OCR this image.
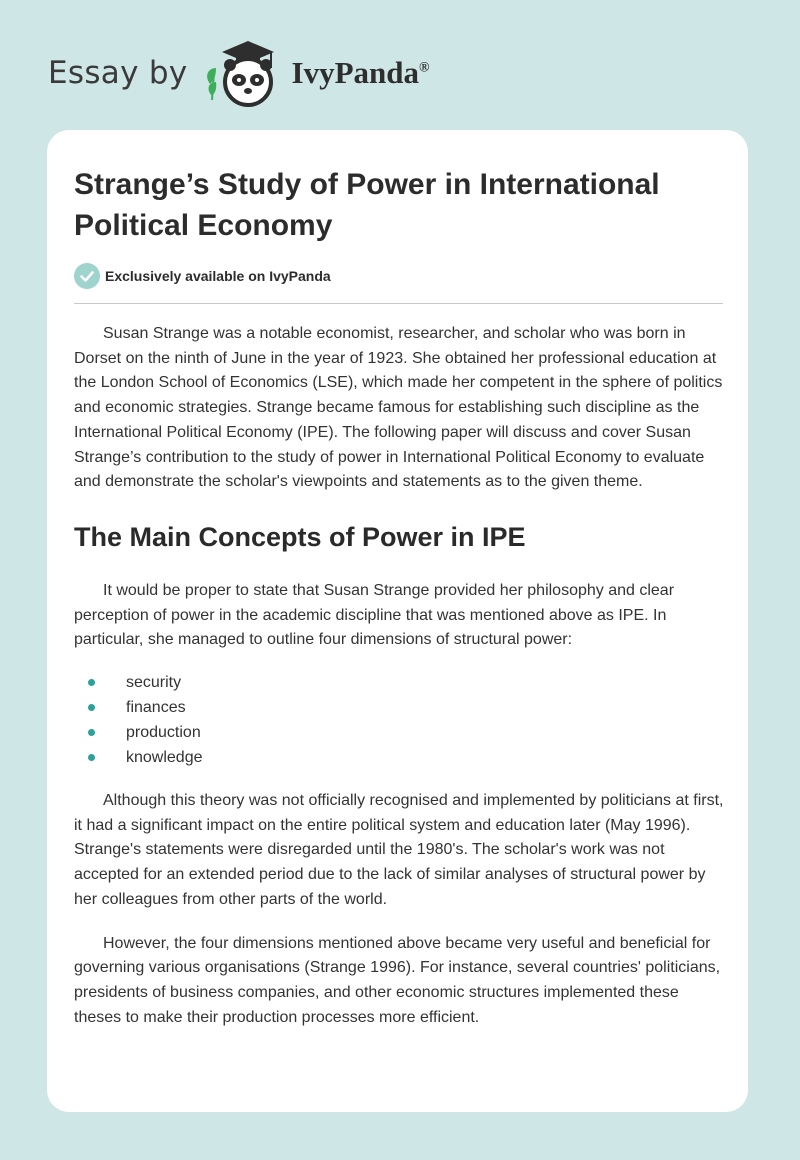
Essay by	IvyPanda®
Strange’s Study of Power in International Political Economy
Exclusively available on IvyPanda

Susan Strange was a notable economist, researcher, and scholar who was born in Dorset on the ninth of June in the year of 1923. She obtained her professional education at the London School of Economics (LSE), which made her competent in the sphere of politics and economic strategies. Strange became famous for establishing such discipline as the International Political Economy (IPE). The following paper will discuss and cover Susan Strange’s contribution to the study of power in International Political Economy to evaluate and demonstrate the scholar's viewpoints and statements as to the given theme.

The Main Concepts of Power in IPE

It would be proper to state that Susan Strange provided her philosophy and clear perception of power in the academic discipline that was mentioned above as IPE. In particular, she managed to outline four dimensions of structural power:

security
finances
production
knowledge

Although this theory was not officially recognised and implemented by politicians at first, it had a significant impact on the entire political system and education later (May 1996). Strange's statements were disregarded until the 1980's. The scholar's work was not accepted for an extended period due to the lack of similar analyses of structural power by her colleagues from other parts of the world.

However, the four dimensions mentioned above became very useful and beneficial for governing various organisations (Strange 1996). For instance, several countries' politicians, presidents of business companies, and other economic structures implemented these theses to make their production processes more efficient.
